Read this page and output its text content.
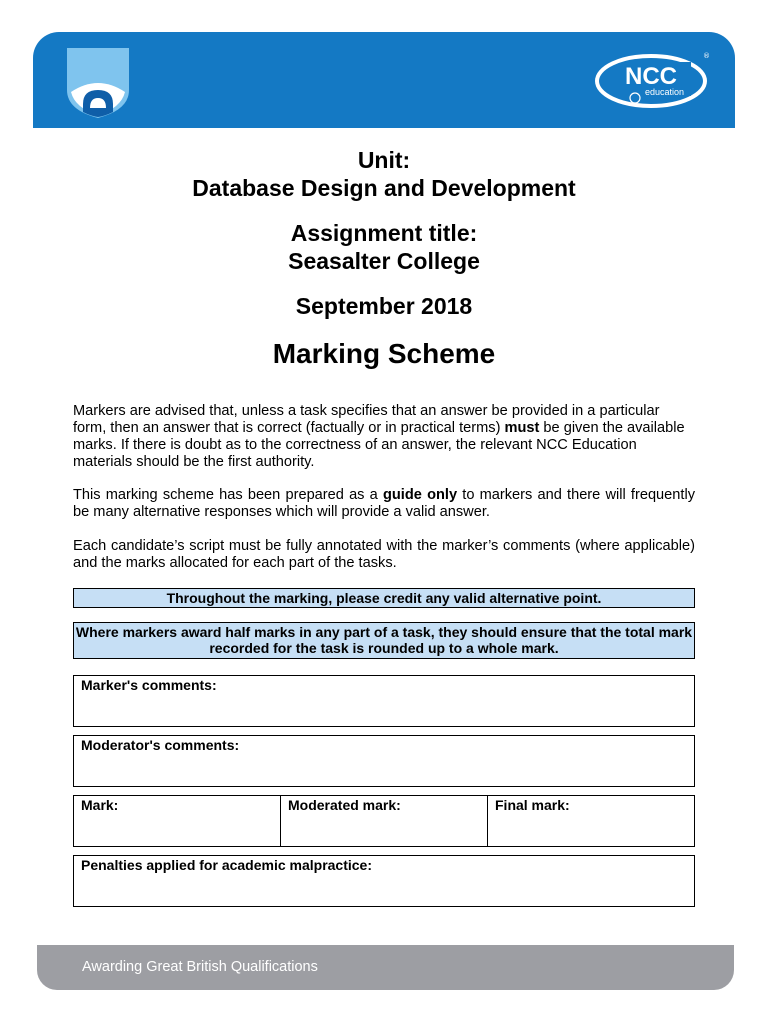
NCC
education
®
Unit:
Database Design and Development
Assignment title:
Seasalter College
September 2018
Marking Scheme

Markers are advised that, unless a task specifies that an answer be provided in a particular form, then an answer that is correct (factually or in practical terms) must be given the available marks. If there is doubt as to the correctness of an answer, the relevant NCC Education materials should be the first authority.

This marking scheme has been prepared as a guide only to markers and there will frequently be many alternative responses which will provide a valid answer.

Each candidate’s script must be fully annotated with the marker’s comments (where applicable) and the marks allocated for each part of the tasks.

Throughout the marking, please credit any valid alternative point.
Where markers award half marks in any part of a task, they should ensure that the total mark recorded for the task is rounded up to a whole mark.
Marker's comments:
Moderator's comments:
Mark:	Moderated mark:	Final mark:
Penalties applied for academic malpractice:
Awarding Great British Qualifications
